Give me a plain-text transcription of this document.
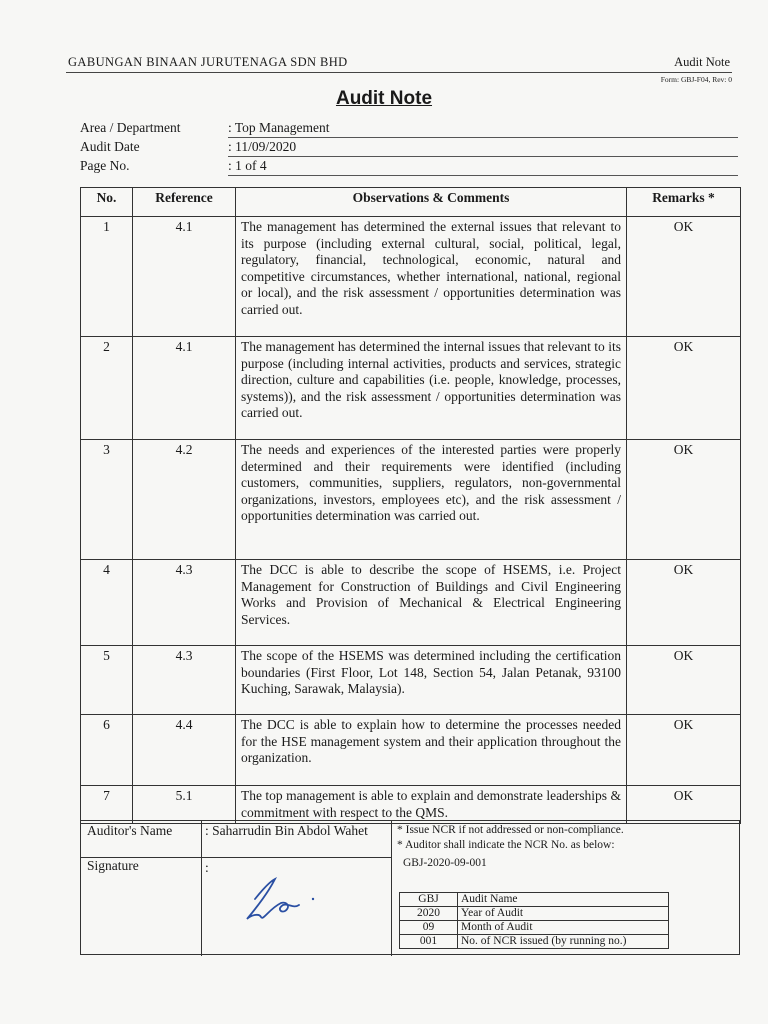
GABUNGAN BINAAN JURUTENAGA SDN BHD	Audit Note
Form: GBJ-F04, Rev: 0
Audit Note
Area / Department	: Top Management
Audit Date	: 11/09/2020
Page No.	: 1 of 4
No.	Reference	Observations & Comments	Remarks *
1	4.1	The management has determined the external issues that relevant to its purpose (including external cultural, social, political, legal, regulatory, financial, technological, economic, natural and competitive circumstances, whether international, national, regional or local), and the risk assessment / opportunities determination was carried out.	OK
2	4.1	The management has determined the internal issues that relevant to its purpose (including internal activities, products and services, strategic direction, culture and capabilities (i.e. people, knowledge, processes, systems)), and the risk assessment / opportunities determination was carried out.	OK
3	4.2	The needs and experiences of the interested parties were properly determined and their requirements were identified (including customers, communities, suppliers, regulators, non-governmental organizations, investors, employees etc), and the risk assessment / opportunities determination was carried out.	OK
4	4.3	The DCC is able to describe the scope of HSEMS, i.e. Project Management for Construction of Buildings and Civil Engineering Works and Provision of Mechanical & Electrical Engineering Services.	OK
5	4.3	The scope of the HSEMS was determined including the certification boundaries (First Floor, Lot 148, Section 54, Jalan Petanak, 93100 Kuching, Sarawak, Malaysia).	OK
6	4.4	The DCC is able to explain how to determine the processes needed for the HSE management system and their application throughout the organization.	OK
7	5.1	The top management is able to explain and demonstrate leaderships & commitment with respect to the QMS.	OK
Auditor's Name : Saharrudin Bin Abdol Wahet
Signature	:
* Issue NCR if not addressed or non-compliance.
* Auditor shall indicate the NCR No. as below:
GBJ-2020-09-001
GBJ	Audit Name
2020	Year of Audit
09	Month of Audit
001	No. of NCR issued (by running no.)
